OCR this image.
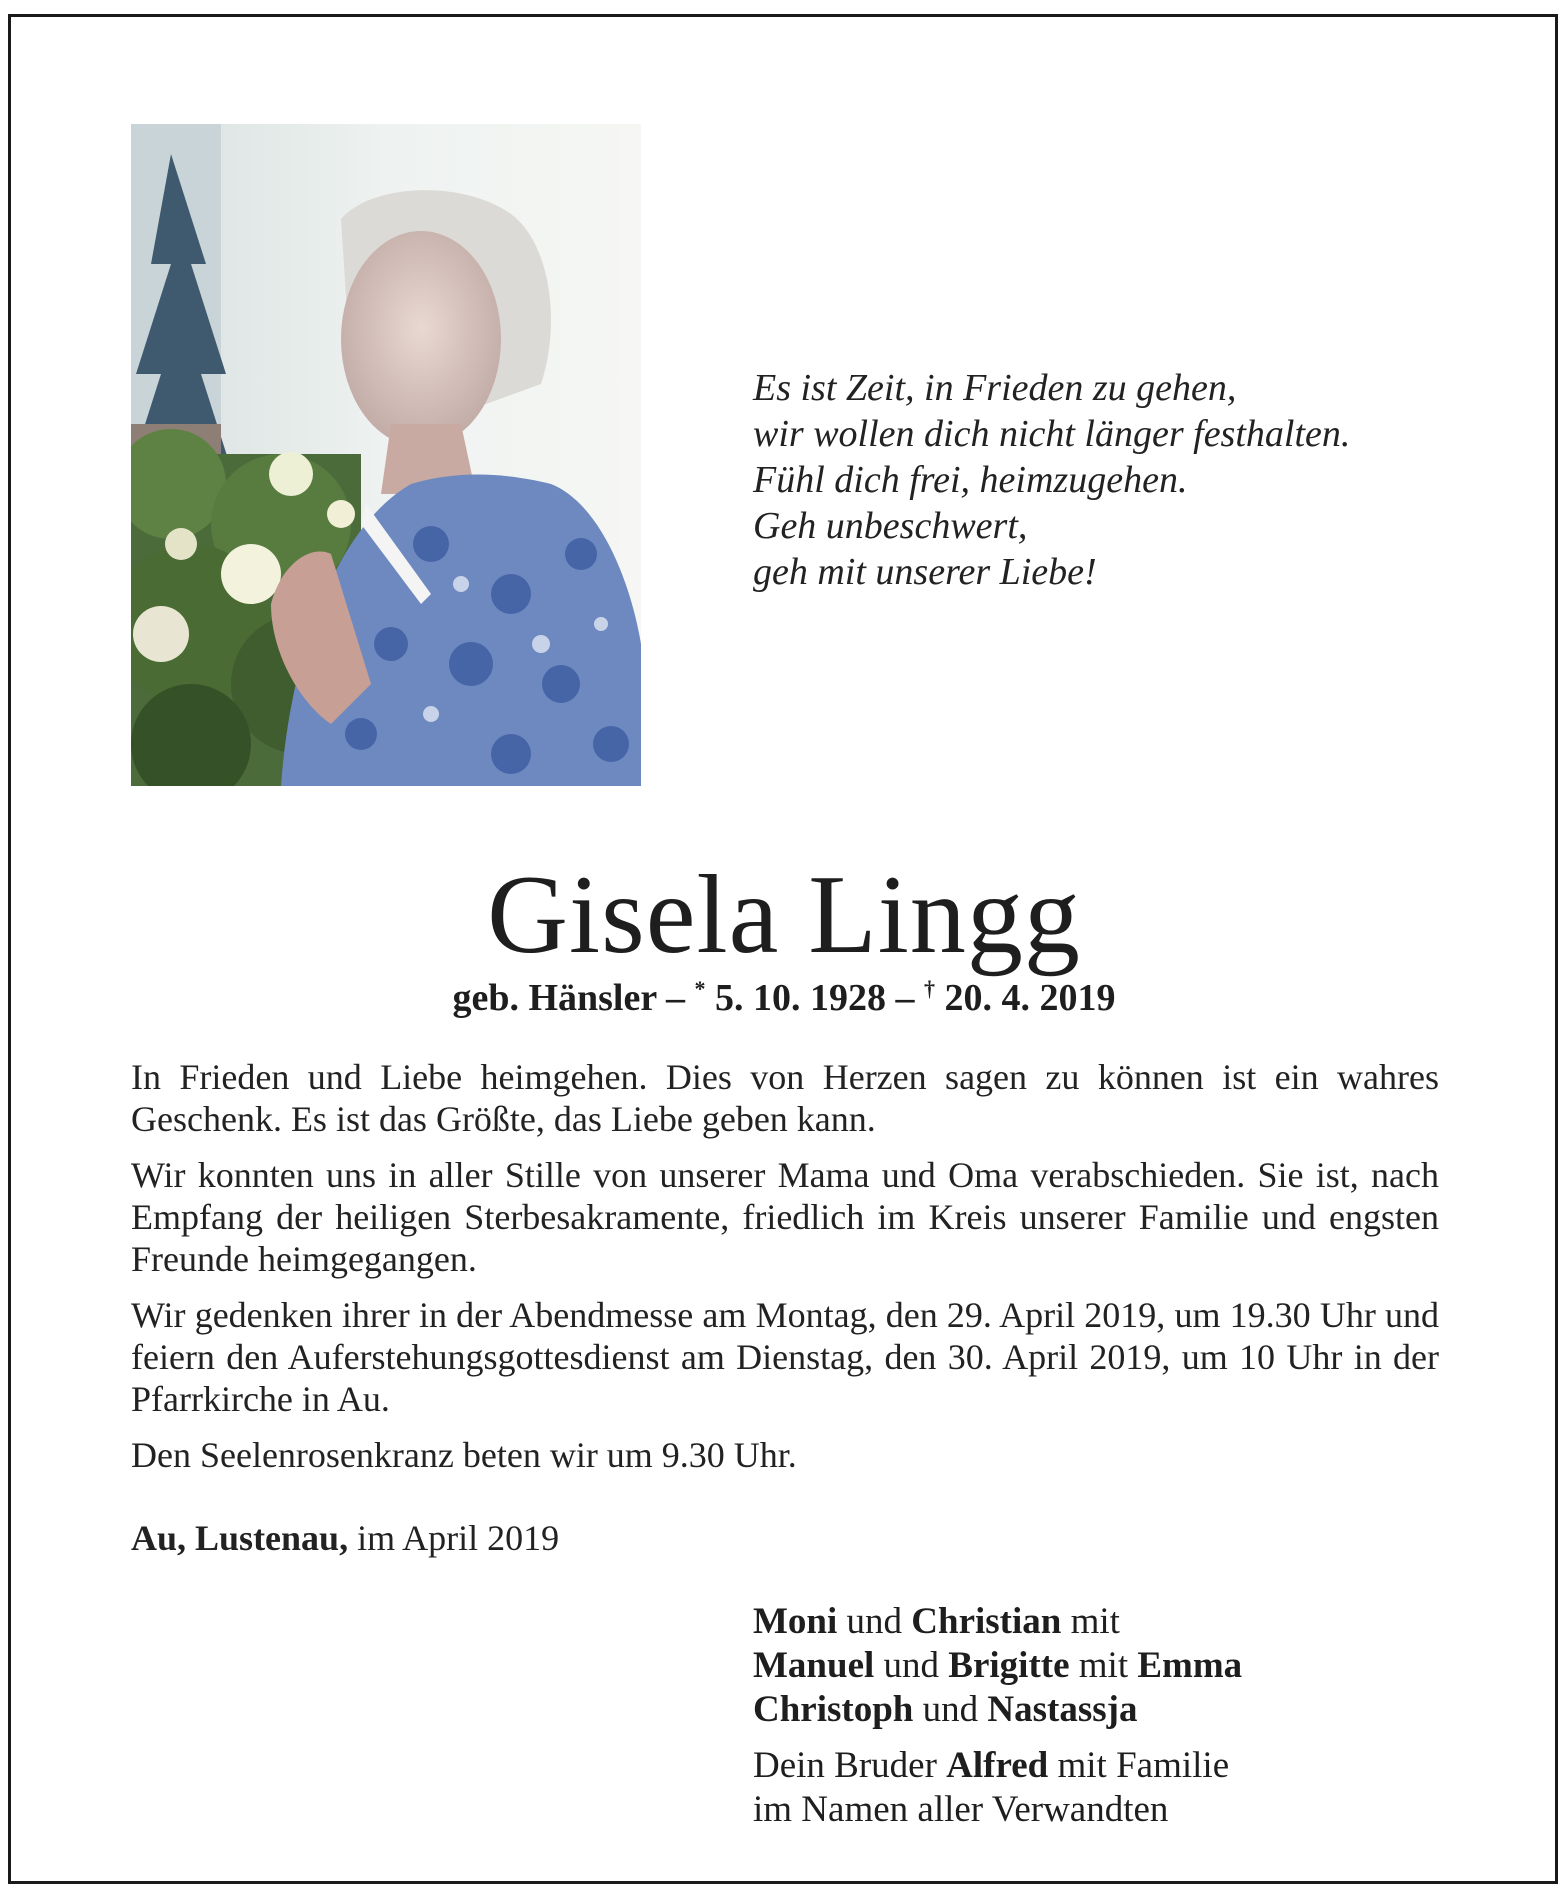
Es ist Zeit, in Frieden zu gehen,
wir wollen dich nicht länger festhalten.
Fühl dich frei, heimzugehen.
Geh unbeschwert,
geh mit unserer Liebe!
Gisela Lingg
geb. Hänsler – * 5. 10. 1928 – † 20. 4. 2019

In Frieden und Liebe heimgehen. Dies von Herzen sagen zu können ist ein wahres Geschenk. Es ist das Größte, das Liebe geben kann.

Wir konnten uns in aller Stille von unserer Mama und Oma verabschieden. Sie ist, nach Empfang der heiligen Sterbesakramente, friedlich im Kreis unserer Familie und engsten Freunde heimgegangen.

Wir gedenken ihrer in der Abendmesse am Montag, den 29. April 2019, um 19.30 Uhr und feiern den Auferstehungsgottesdienst am Dienstag, den 30. April 2019, um 10 Uhr in der Pfarrkirche in Au.

Den Seelenrosenkranz beten wir um 9.30 Uhr.

Au, Lustenau, im April 2019
Moni und Christian mit
Manuel und Brigitte mit Emma
Christoph und Nastassja
Dein Bruder Alfred mit Familie
im Namen aller Verwandten
